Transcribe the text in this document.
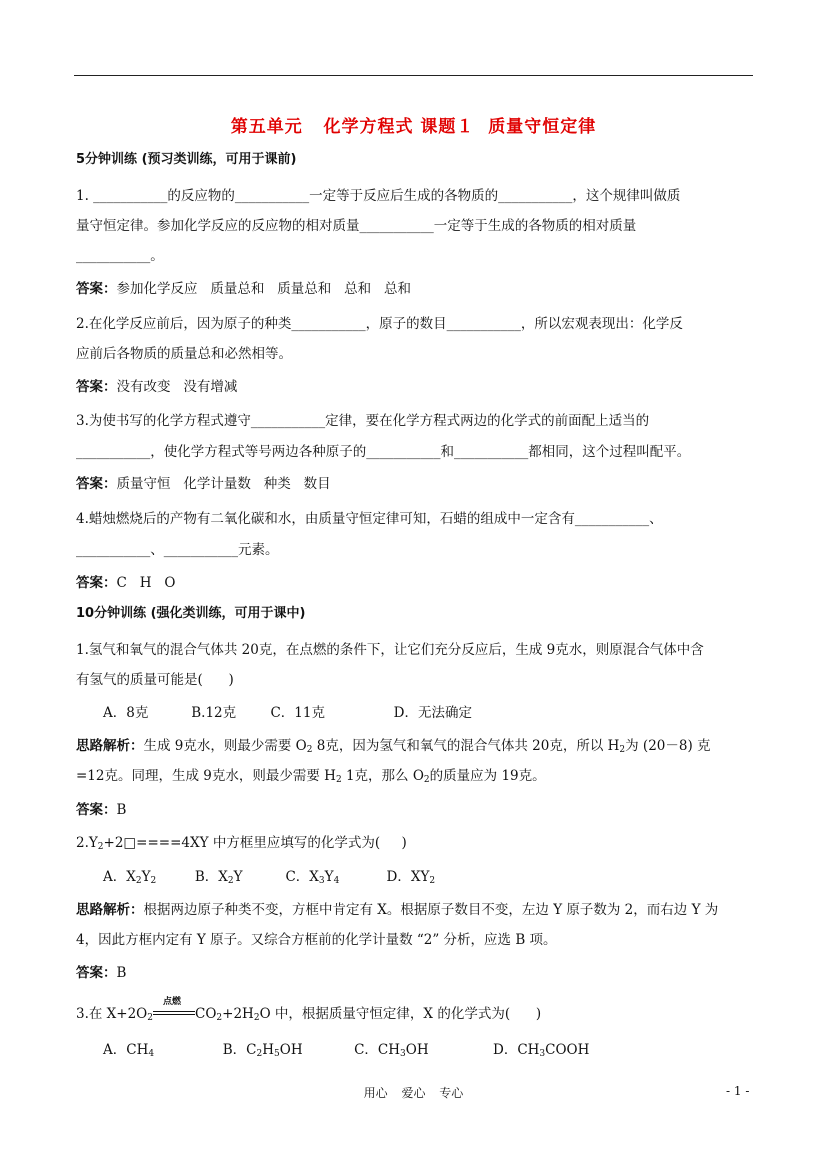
第五单元   化学方程式 课题１  质量守恒定律
5分钟训练 (预习类训练，可用于课前)
1. ___________的反应物的___________一定等于反应后生成的各物质的___________，这个规律叫做质
量守恒定律。参加化学反应的反应物的相对质量___________一定等于生成的各物质的相对质量
___________。
答案：参加化学反应   质量总和   质量总和   总和   总和
2.在化学反应前后，因为原子的种类___________，原子的数目___________，所以宏观表现出：化学反
应前后各物质的质量总和必然相等。
答案：没有改变   没有增减
3.为使书写的化学方程式遵守___________定律，要在化学方程式两边的化学式的前面配上适当的
___________，使化学方程式等号两边各种原子的___________和___________都相同，这个过程叫配平。
答案：质量守恒   化学计量数   种类   数目
4.蜡烛燃烧后的产物有二氧化碳和水，由质量守恒定律可知，石蜡的组成中一定含有___________、
___________、___________元素。
答案：C   H   O
10分钟训练 (强化类训练，可用于课中)
1.氢气和氧气的混合气体共 20克，在点燃的条件下，让它们充分反应后，生成 9克水，则原混合气体中含
有氢气的质量可能是(      )
A．8克          B.12克        C．11克                D．无法确定
思路解析：生成 9克水，则最少需要 $O_2$ 8克，因为氢气和氧气的混合气体共 20克，所以 $H_2$为 (20－8) 克
=12克。同理，生成 9克水，则最少需要 $H_2$ 1克，那么 $O_2$的质量应为 19克。
答案：B
$2.Y_2+2□====4XY$ 中方框里应填写的化学式为(     )
A．$X_2Y_2$         B．$X_2Y$          C．$X_3Y_4$           D．$XY_2$
思路解析：根据两边原子种类不变，方框中肯定有 X。根据原子数目不变，左边 Y 原子数为 2，而右边 Y 为
4，因此方框内定有 Y 原子。又综合方框前的化学计量数 “2” 分析，应选 B 项。
答案：B
3.在 $X+2O_2$
点燃
$CO_2+2H_2O$ 中，根据质量守恒定律，X 的化学式为(      )
A．$CH_4$                B．$C_2H_5OH$            C．$CH_3OH$               D．$CH_3COOH$
用心 爱心 专心	- 1 -
